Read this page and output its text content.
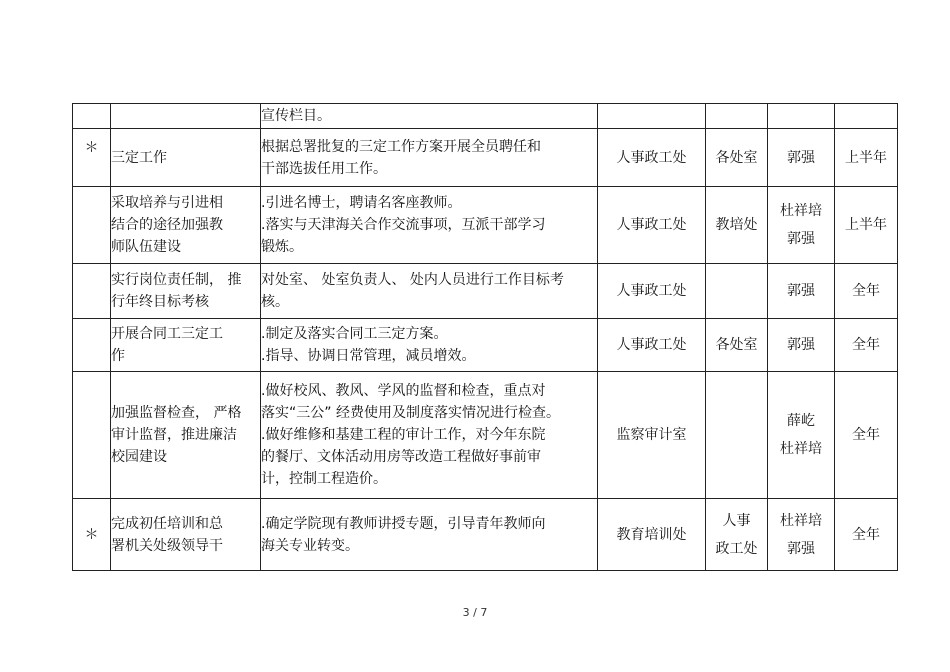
		宣传栏目。				

＊	三定工作	根据总署批复的三定工作方案开展全员聘任和
干部选拔任用工作。	人事政工处	各处室	郭强	上半年

	采取培养与引进相
结合的途径加强教
师队伍建设	.引进名博士，聘请名客座教师。
.落实与天津海关合作交流事项，互派干部学习
锻炼。	人事政工处	教培处	杜祥培
郭强	上半年

	实行岗位责任制， 推
行年终目标考核	对处室、 处室负责人、 处内人员进行工作目标考
核。	人事政工处		郭强	全年

	开展合同工三定工
作	.制定及落实合同工三定方案。
.指导、协调日常管理，减员增效。	人事政工处	各处室	郭强	全年

	加强监督检查， 严格
审计监督，推进廉洁
校园建设	.做好校风、教风、学风的监督和检查，重点对
落实“三公” 经费使用及制度落实情况进行检查。
.做好维修和基建工程的审计工作，对今年东院
的餐厅、文体活动用房等改造工程做好事前审
计，控制工程造价。	监察审计室		薛屹
杜祥培	全年
＊	完成初任培训和总
署机关处级领导干	.确定学院现有教师讲授专题，引导青年教师向
海关专业转变。	教育培训处	人事
政工处	杜祥培
郭强	全年
3 / 7
